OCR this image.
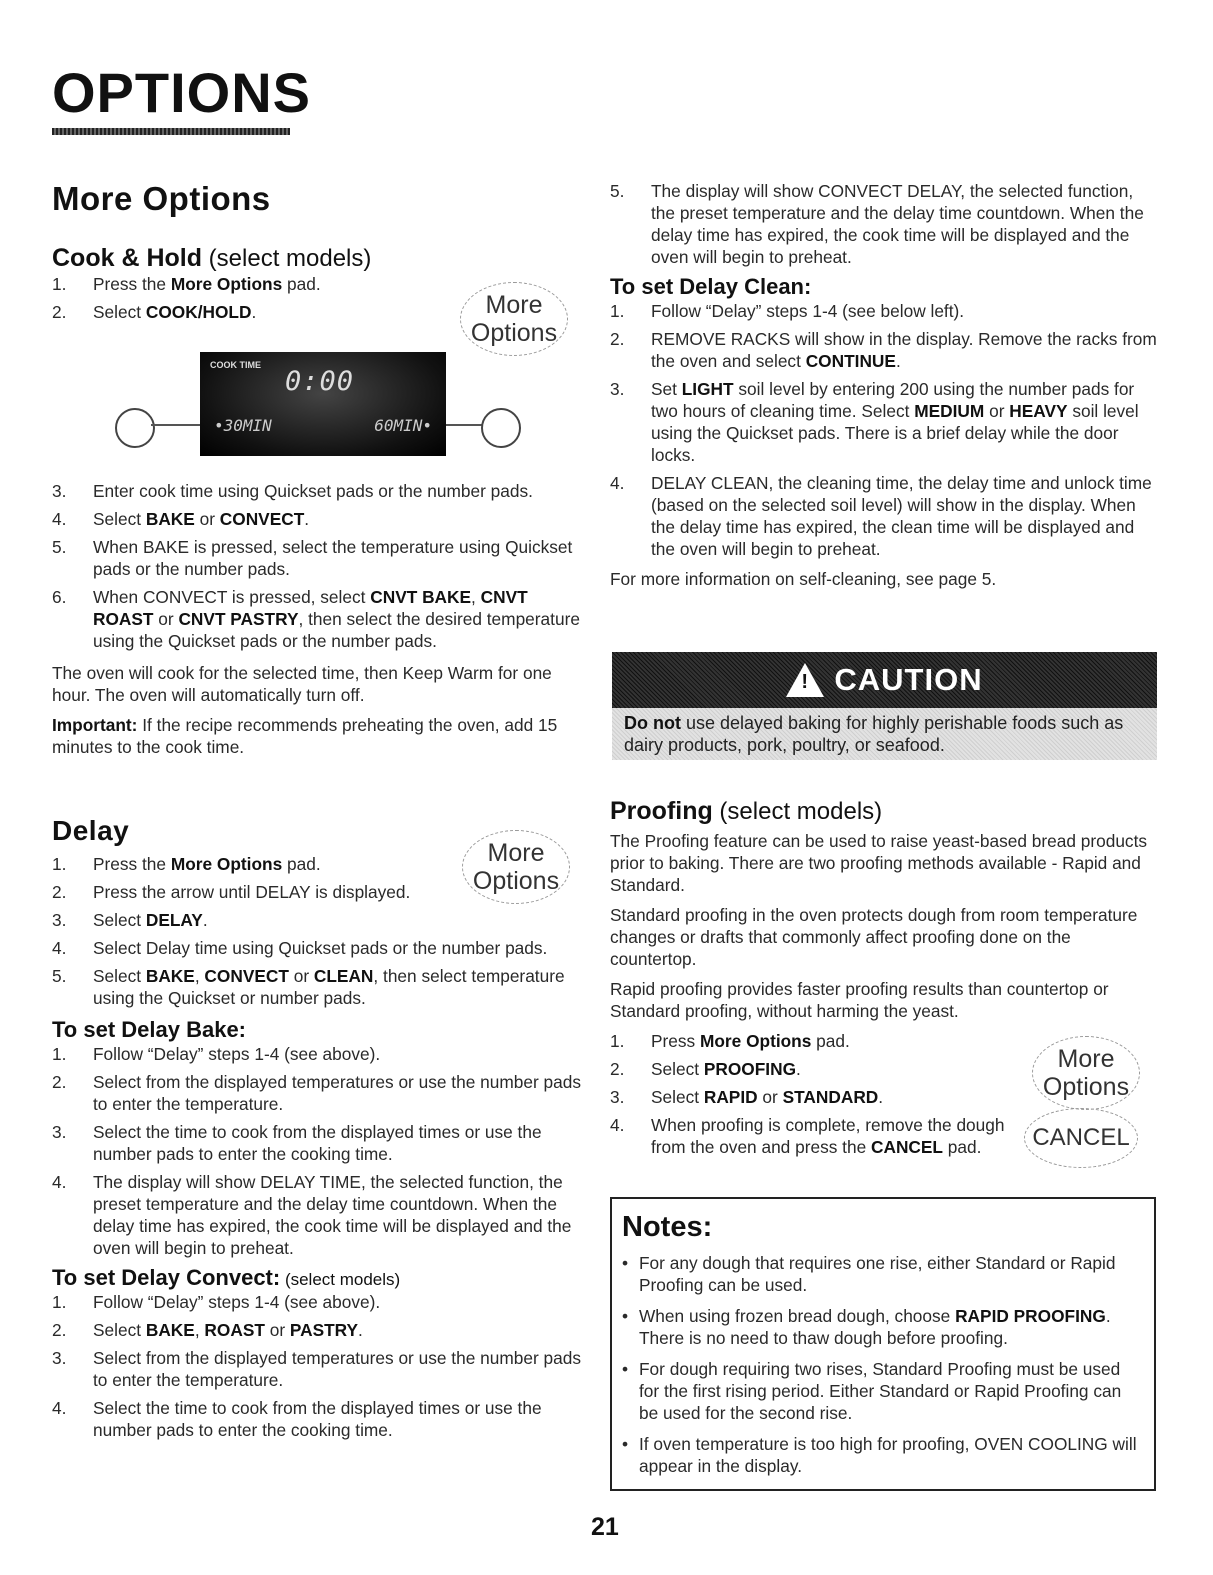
OPTIONS
More Options
Cook & Hold (select models)
1. Press the More Options pad.
2. Select COOK/HOLD.	More
Options
COOK TIME
0:00
•30MIN	60MIN•
3. Enter cook time using Quickset pads or the number pads.
4. Select BAKE or CONVECT.
5. When BAKE is pressed, select the temperature using Quickset pads or the number pads.
6. When CONVECT is pressed, select CNVT BAKE, CNVT ROAST or CNVT PASTRY, then select the desired temperature using the Quickset pads or the number pads.

The oven will cook for the selected time, then Keep Warm for one hour. The oven will automatically turn off.

Important: If the recipe recommends preheating the oven, add 15 minutes to the cook time.

Delay
1. Press the More Options pad.
2. Press the arrow until DELAY is displayed.
3. Select DELAY.
4. Select Delay time using Quickset pads or the number pads.
5. Select BAKE, CONVECT or CLEAN, then select temperature using the Quickset or number pads.
To set Delay Bake:
1. Follow “Delay” steps 1-4 (see above).
2. Select from the displayed temperatures or use the number pads to enter the temperature.
3. Select the time to cook from the displayed times or use the number pads to enter the cooking time.
4. The display will show DELAY TIME, the selected function, the preset temperature and the delay time countdown. When the delay time has expired, the cook time will be displayed and the oven will begin to preheat.
To set Delay Convect: (select models)
1. Follow “Delay” steps 1-4 (see above).
2. Select BAKE, ROAST or PASTRY.
3. Select from the displayed temperatures or use the number pads to enter the temperature.
4. Select the time to cook from the displayed times or use the number pads to enter the cooking time.
More
Options
5. The display will show CONVECT DELAY, the selected function, the preset temperature and the delay time countdown. When the delay time has expired, the cook time will be displayed and the oven will begin to preheat.
To set Delay Clean:
1. Follow “Delay” steps 1-4 (see below left).
2. REMOVE RACKS will show in the display. Remove the racks from the oven and select CONTINUE.
3. Set LIGHT soil level by entering 200 using the number pads for two hours of cleaning time. Select MEDIUM or HEAVY soil level using the Quickset pads. There is a brief delay while the door locks.
4. DELAY CLEAN, the cleaning time, the delay time and unlock time (based on the selected soil level) will show in the display. When the delay time has expired, the clean time will be displayed and the oven will begin to preheat.

For more information on self-cleaning, see page 5.

! CAUTION
Do not use delayed baking for highly perishable foods such as dairy products, pork, poultry, or seafood.
Proofing (select models)

The Proofing feature can be used to raise yeast-based bread products prior to baking. There are two proofing methods available - Rapid and Standard.

Standard proofing in the oven protects dough from room temperature changes or drafts that commonly affect proofing done on the countertop.

Rapid proofing provides faster proofing results than countertop or Standard proofing, without harming the yeast.

1. Press More Options pad.
2. Select PROOFING.
3. Select RAPID or STANDARD.
4. When proofing is complete, remove the dough from the oven and press the CANCEL pad.
More
Options
CANCEL
Notes:
• For any dough that requires one rise, either Standard or Rapid Proofing can be used.
• When using frozen bread dough, choose RAPID PROOFING. There is no need to thaw dough before proofing.
• For dough requiring two rises, Standard Proofing must be used for the first rising period. Either Standard or Rapid Proofing can be used for the second rise.
• If oven temperature is too high for proofing, OVEN COOLING will appear in the display.
21
